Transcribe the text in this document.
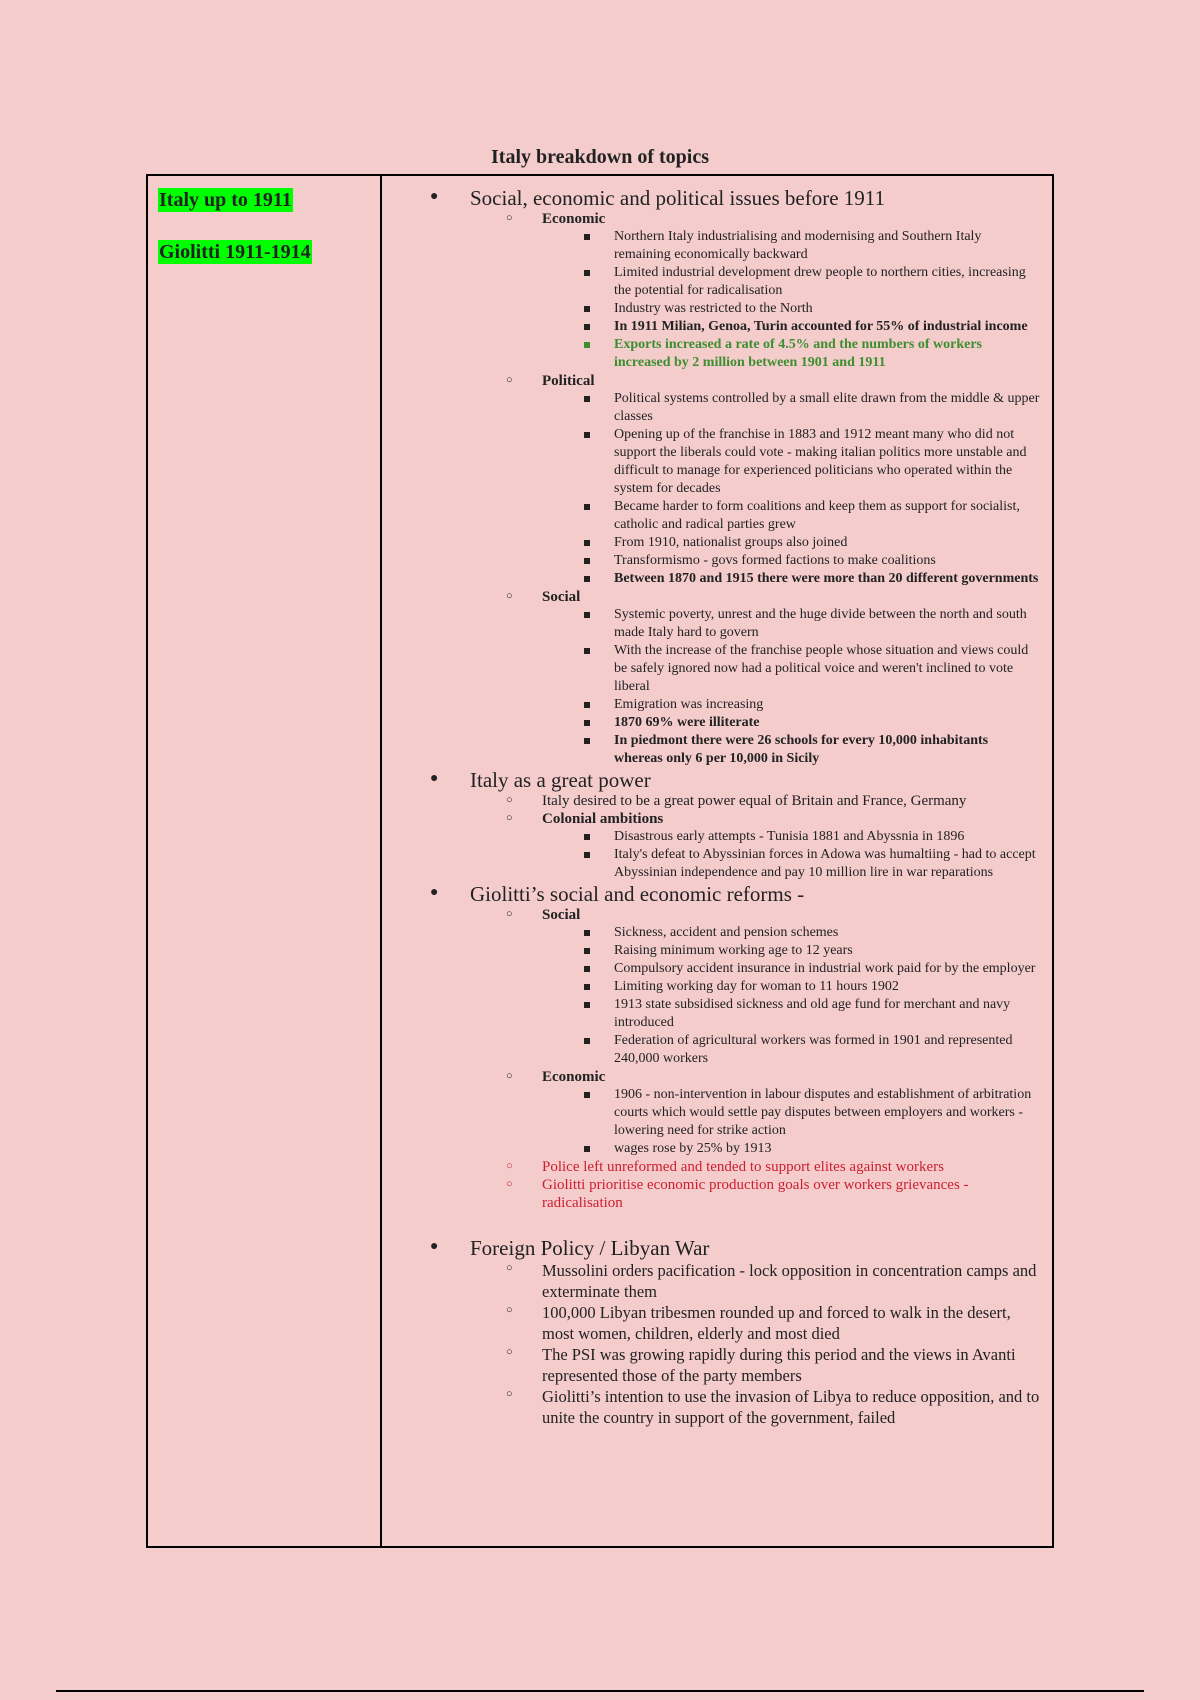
Italy breakdown of topics
Italy up to 1911
Giolitti 1911-1914
● Social, economic and political issues before 1911
○ Economic
Northern Italy industrialising and modernising and Southern Italy remaining economically backward
Limited industrial development drew people to northern cities, increasing the potential for radicalisation
Industry was restricted to the North
In 1911 Milian, Genoa, Turin accounted for 55% of industrial income
Exports increased a rate of 4.5% and the numbers of workers increased by 2 million between 1901 and 1911
○ Political
Political systems controlled by a small elite drawn from the middle & upper classes
Opening up of the franchise in 1883 and 1912 meant many who did not support the liberals could vote - making italian politics more unstable and difficult to manage for experienced politicians who operated within the system for decades
Became harder to form coalitions and keep them as support for socialist, catholic and radical parties grew
From 1910, nationalist groups also joined
Transformismo - govs formed factions to make coalitions
Between 1870 and 1915 there were more than 20 different governments
○ Social
Systemic poverty, unrest and the huge divide between the north and south made Italy hard to govern
With the increase of the franchise people whose situation and views could be safely ignored now had a political voice and weren't inclined to vote liberal
Emigration was increasing
1870 69% were illiterate
In piedmont there were 26 schools for every 10,000 inhabitants whereas only 6 per 10,000 in Sicily
● Italy as a great power
○ Italy desired to be a great power equal of Britain and France, Germany
○ Colonial ambitions
Disastrous early attempts - Tunisia 1881 and Abyssnia in 1896
Italy's defeat to Abyssinian forces in Adowa was humaltiing - had to accept Abyssinian independence and pay 10 million lire in war reparations
● Giolitti’s social and economic reforms -
○ Social
Sickness, accident and pension schemes
Raising minimum working age to 12 years
Compulsory accident insurance in industrial work paid for by the employer
Limiting working day for woman to 11 hours 1902
1913 state subsidised sickness and old age fund for merchant and navy introduced
Federation of agricultural workers was formed in 1901 and represented 240,000 workers
○ Economic
1906 - non-intervention in labour disputes and establishment of arbitration courts which would settle pay disputes between employers and workers - lowering need for strike action
wages rose by 25% by 1913
○ Police left unreformed and tended to support elites against workers
○ Giolitti prioritise economic production goals over workers grievances - radicalisation
● Foreign Policy / Libyan War
○ Mussolini orders pacification - lock opposition in concentration camps and exterminate them
○ 100,000 Libyan tribesmen rounded up and forced to walk in the desert, most women, children, elderly and most died
○ The PSI was growing rapidly during this period and the views in Avanti represented those of the party members
○ Giolitti’s intention to use the invasion of Libya to reduce opposition, and to unite the country in support of the government, failed
